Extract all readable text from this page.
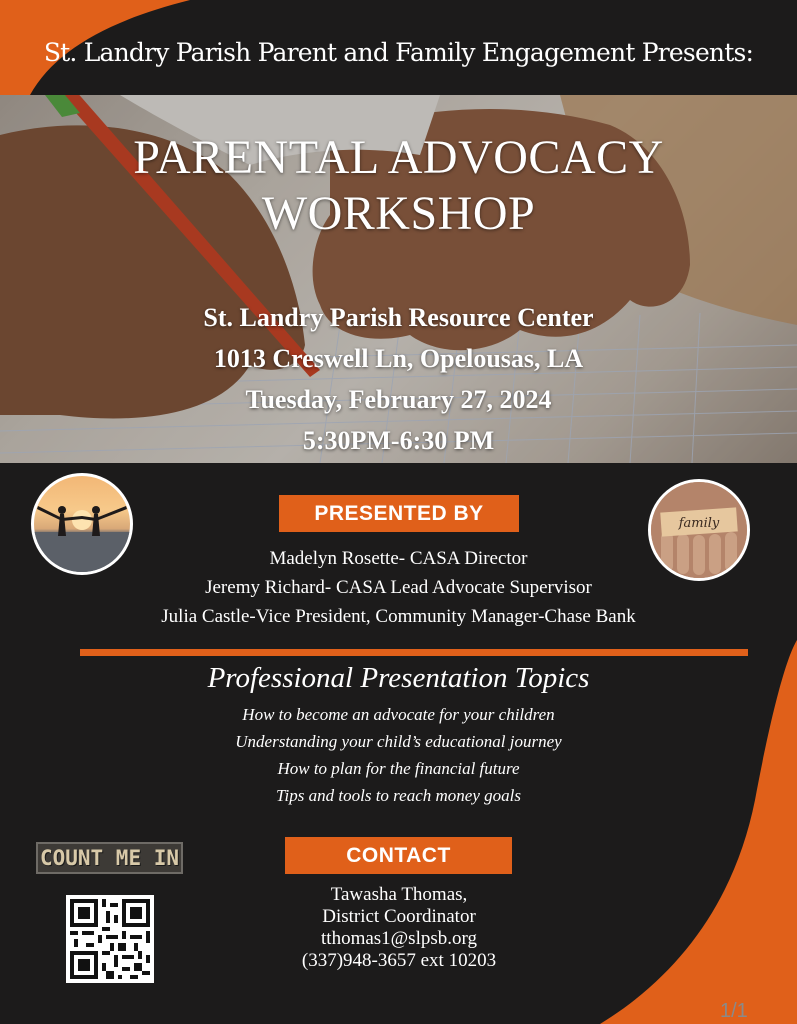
St. Landry Parish Parent and Family Engagement Presents:
PARENTAL ADVOCACY
WORKSHOP
St. Landry Parish Resource Center
1013 Creswell Ln, Opelousas, LA
Tuesday, February 27, 2024
5:30PM-6:30 PM
family
PRESENTED BY
Madelyn Rosette- CASA Director
Jeremy Richard- CASA Lead Advocate Supervisor
Julia Castle-Vice President, Community Manager-Chase Bank
Professional Presentation Topics
How to become an advocate for your children
Understanding your child’s educational journey
How to plan for the financial future
Tips and tools to reach money goals
COUNT ME IN	CONTACT
Tawasha Thomas,
District Coordinator
tthomas1@slpsb.org
(337)948-3657 ext 10203
1/1
